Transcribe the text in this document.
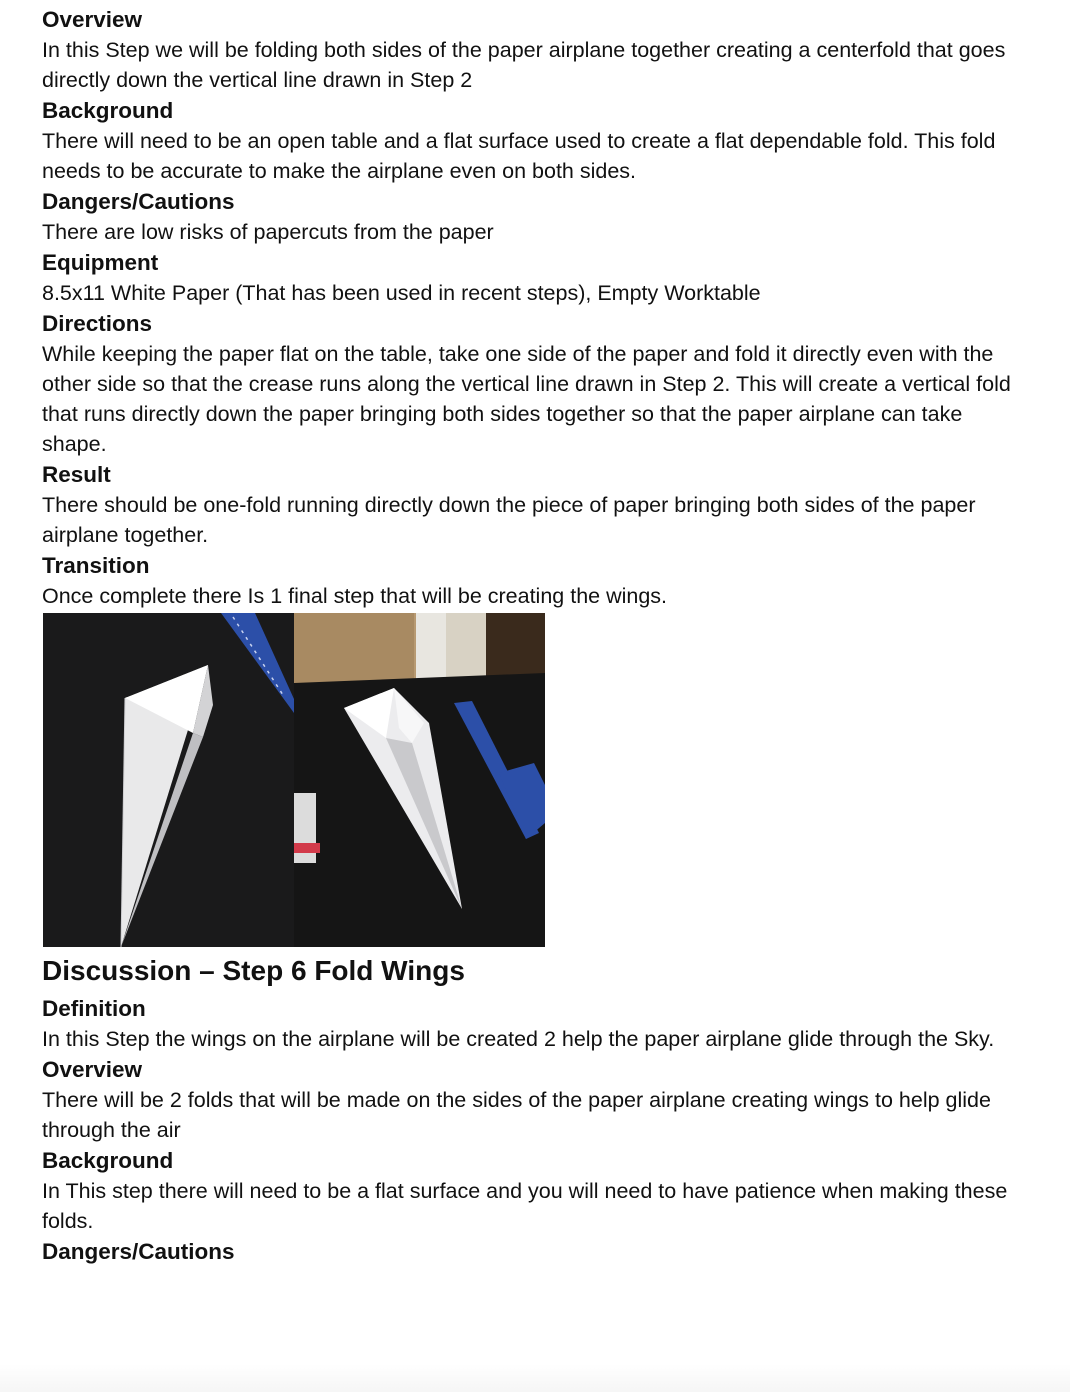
Overview

In this Step we will be folding both sides of the paper airplane together creating a centerfold that goes directly down the vertical line drawn in Step 2

Background

There will need to be an open table and a flat surface used to create a flat dependable fold. This fold needs to be accurate to make the airplane even on both sides.

Dangers/Cautions

There are low risks of papercuts from the paper

Equipment

8.5x11 White Paper (That has been used in recent steps), Empty Worktable

Directions

While keeping the paper flat on the table, take one side of the paper and fold it directly even with the other side so that the crease runs along the vertical line drawn in Step 2. This will create a vertical fold that runs directly down the paper bringing both sides together so that the paper airplane can take shape.

Result

There should be one-fold running directly down the piece of paper bringing both sides of the paper airplane together.

Transition

Once complete there Is 1 final step that will be creating the wings.

Discussion – Step 6 Fold Wings

Definition

In this Step the wings on the airplane will be created 2 help the paper airplane glide through the Sky.

Overview

There will be 2 folds that will be made on the sides of the paper airplane creating wings to help glide through the air

Background

In This step there will need to be a flat surface and you will need to have patience when making these folds.

Dangers/Cautions
